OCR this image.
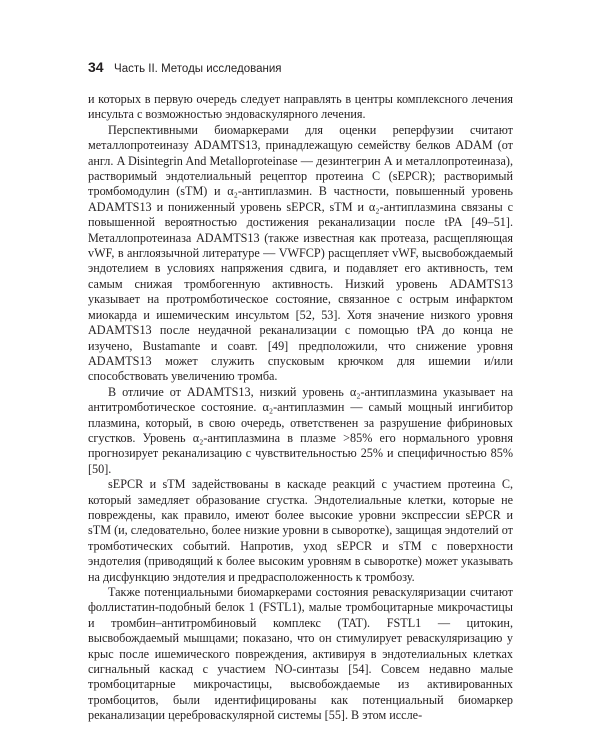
34 Часть II. Методы исследования

и которых в первую очередь следует направлять в центры комплексного лечения инсульта с возможностью эндоваскулярного лечения.

Перспективными биомаркерами для оценки реперфузии считают металлопротеиназу ADAMTS13, принадлежащую семейству белков ADAM (от англ. A Disintegrin And Metalloproteinase — дезинтегрин А и металлопротеиназа), растворимый эндотелиальный рецептор протеина С (sEPCR); растворимый тромбомодулин (sTM) и α₂-антиплазмин. В частности, повышенный уровень ADAMTS13 и пониженный уровень sEPCR, sTM и α₂-антиплазмина связаны с повышенной вероятностью достижения реканализации после tPA [49–51]. Металлопротеиназа ADAMTS13 (также известная как протеаза, расщепляющая vWF, в англоязычной литературе — VWFCP) расщепляет vWF, высвобождаемый эндотелием в условиях напряжения сдвига, и подавляет его активность, тем самым снижая тромбогенную активность. Низкий уровень ADAMTS13 указывает на протромботическое состояние, связанное с острым инфарктом миокарда и ишемическим инсультом [52, 53]. Хотя значение низкого уровня ADAMTS13 после неудачной реканализации с помощью tPA до конца не изучено, Bustamante и соавт. [49] предположили, что снижение уровня ADAMTS13 может служить спусковым крючком для ишемии и/или способствовать увеличению тромба.

В отличие от ADAMTS13, низкий уровень α₂-антиплазмина указывает на антитромботическое состояние. α₂-антиплазмин — самый мощный ингибитор плазмина, который, в свою очередь, ответственен за разрушение фибриновых сгустков. Уровень α₂-антиплазмина в плазме >85% его нормального уровня прогнозирует реканализацию с чувствительностью 25% и специфичностью 85% [50].

sEPCR и sTM задействованы в каскаде реакций с участием протеина С, который замедляет образование сгустка. Эндотелиальные клетки, которые не повреждены, как правило, имеют более высокие уровни экспрессии sEPCR и sTM (и, следовательно, более низкие уровни в сыворотке), защищая эндотелий от тромботических событий. Напротив, уход sEPCR и sTM с поверхности эндотелия (приводящий к более высоким уровням в сыворотке) может указывать на дисфункцию эндотелия и предрасположенность к тромбозу.

Также потенциальными биомаркерами состояния реваскуляризации считают фоллистатин-подобный белок 1 (FSTL1), малые тромбоцитарные микрочастицы и тромбин–антитромбиновый комплекс (TAT). FSTL1 — цитокин, высвобождаемый мышцами; показано, что он стимулирует реваскуляризацию у крыс после ишемического повреждения, активируя в эндотелиальных клетках сигнальный каскад с участием NO-синтазы [54]. Совсем недавно малые тромбоцитарные микрочастицы, высвобождаемые из активированных тромбоцитов, были идентифицированы как потенциальный биомаркер реканализации цереброваскулярной системы [55]. В этом иссле-
